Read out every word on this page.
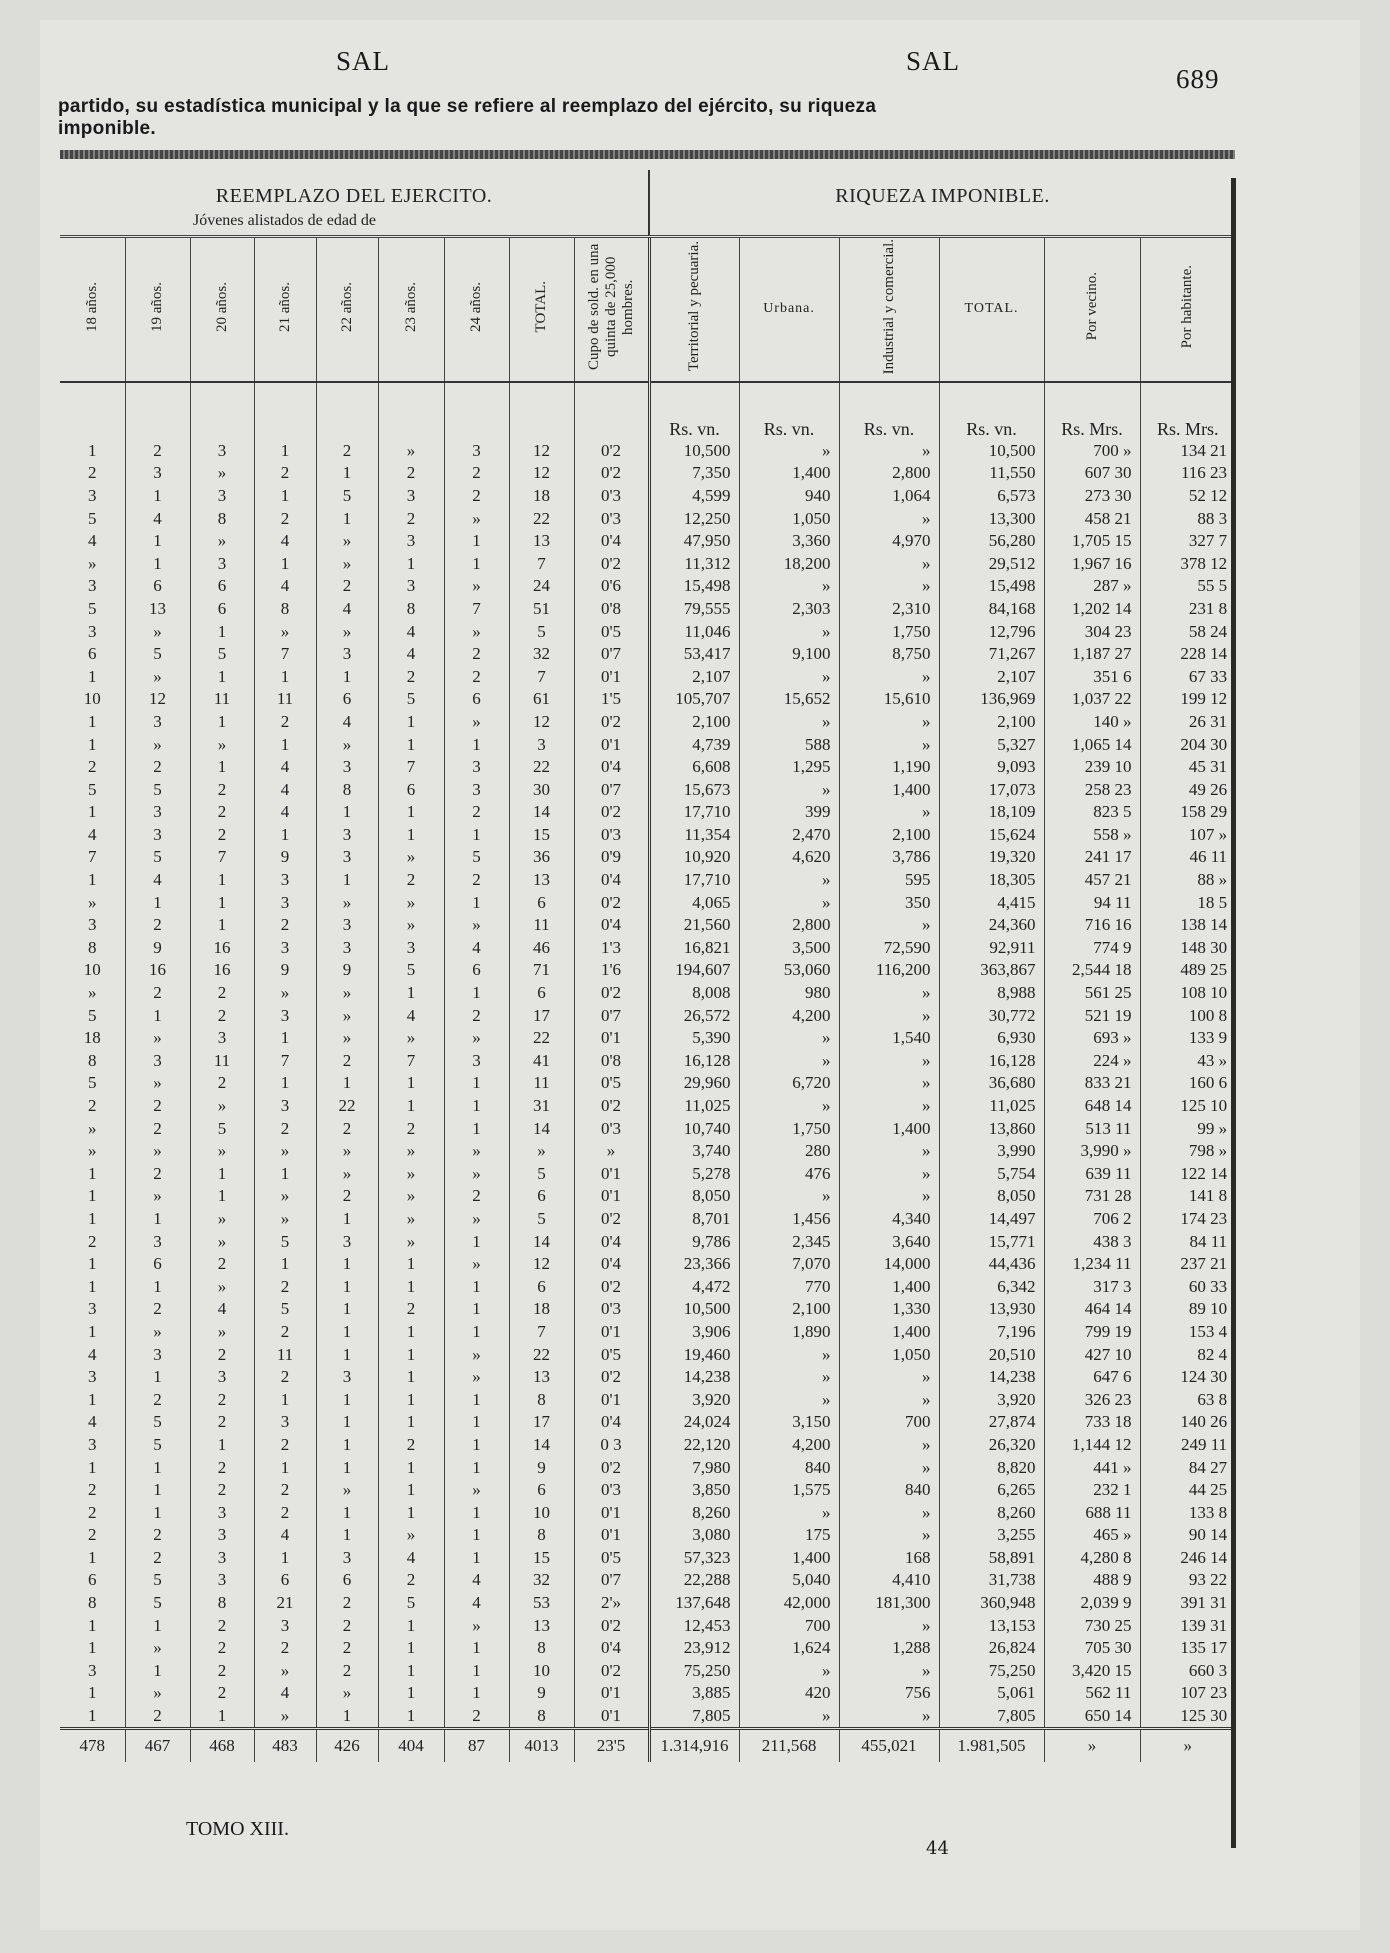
SAL	SAL
689
partido, su estadística municipal y la que se refiere al reemplazo del ejército, su riqueza imponible.
REEMPLAZO DEL EJERCITO.									RIQUEZA IMPONIBLE.					
Jóvenes alistados de edad de														
18 años.	19 años.	20 años.	21 años.	22 años.	23 años.	24 años.	TOTAL.	Cupo de sold. en una quinta de 25,000 hombres.	Territorial y pecuaria.	Urbana.	Industrial y comercial.	TOTAL.	Por vecino.	Por habitante.
									Rs. vn.	Rs. vn.	Rs. vn.	Rs. vn.	Rs. Mrs.	Rs. Mrs.
1	2	3	1	2	»	3	12	0'2	10,500	»	»	10,500	700 »	134 21
2	3	»	2	1	2	2	12	0'2	7,350	1,400	2,800	11,550	607 30	116 23
3	1	3	1	5	3	2	18	0'3	4,599	940	1,064	6,573	273 30	52 12
5	4	8	2	1	2	»	22	0'3	12,250	1,050	»	13,300	458 21	88 3
4	1	»	4	»	3	1	13	0'4	47,950	3,360	4,970	56,280	1,705 15	327 7
»	1	3	1	»	1	1	7	0'2	11,312	18,200	»	29,512	1,967 16	378 12
3	6	6	4	2	3	»	24	0'6	15,498	»	»	15,498	287 »	55 5
5	13	6	8	4	8	7	51	0'8	79,555	2,303	2,310	84,168	1,202 14	231 8
3	»	1	»	»	4	»	5	0'5	11,046	»	1,750	12,796	304 23	58 24
6	5	5	7	3	4	2	32	0'7	53,417	9,100	8,750	71,267	1,187 27	228 14
1	»	1	1	1	2	2	7	0'1	2,107	»	»	2,107	351 6	67 33
10	12	11	11	6	5	6	61	1'5	105,707	15,652	15,610	136,969	1,037 22	199 12
1	3	1	2	4	1	»	12	0'2	2,100	»	»	2,100	140 »	26 31
1	»	»	1	»	1	1	3	0'1	4,739	588	»	5,327	1,065 14	204 30
2	2	1	4	3	7	3	22	0'4	6,608	1,295	1,190	9,093	239 10	45 31
5	5	2	4	8	6	3	30	0'7	15,673	»	1,400	17,073	258 23	49 26
1	3	2	4	1	1	2	14	0'2	17,710	399	»	18,109	823 5	158 29
4	3	2	1	3	1	1	15	0'3	11,354	2,470	2,100	15,624	558 »	107 »
7	5	7	9	3	»	5	36	0'9	10,920	4,620	3,786	19,320	241 17	46 11
1	4	1	3	1	2	2	13	0'4	17,710	»	595	18,305	457 21	88 »
»	1	1	3	»	»	1	6	0'2	4,065	»	350	4,415	94 11	18 5
3	2	1	2	3	»	»	11	0'4	21,560	2,800	»	24,360	716 16	138 14
8	9	16	3	3	3	4	46	1'3	16,821	3,500	72,590	92,911	774 9	148 30
10	16	16	9	9	5	6	71	1'6	194,607	53,060	116,200	363,867	2,544 18	489 25
»	2	2	»	»	1	1	6	0'2	8,008	980	»	8,988	561 25	108 10
5	1	2	3	»	4	2	17	0'7	26,572	4,200	»	30,772	521 19	100 8
18	»	3	1	»	»	»	22	0'1	5,390	»	1,540	6,930	693 »	133 9
8	3	11	7	2	7	3	41	0'8	16,128	»	»	16,128	224 »	43 »
5	»	2	1	1	1	1	11	0'5	29,960	6,720	»	36,680	833 21	160 6
2	2	»	3	22	1	1	31	0'2	11,025	»	»	11,025	648 14	125 10
»	2	5	2	2	2	1	14	0'3	10,740	1,750	1,400	13,860	513 11	99 »
»	»	»	»	»	»	»	»	»	3,740	280	»	3,990	3,990 »	798 »
1	2	1	1	»	»	»	5	0'1	5,278	476	»	5,754	639 11	122 14
1	»	1	»	2	»	2	6	0'1	8,050	»	»	8,050	731 28	141 8
1	1	»	»	1	»	»	5	0'2	8,701	1,456	4,340	14,497	706 2	174 23
2	3	»	5	3	»	1	14	0'4	9,786	2,345	3,640	15,771	438 3	84 11
1	6	2	1	1	1	»	12	0'4	23,366	7,070	14,000	44,436	1,234 11	237 21
1	1	»	2	1	1	1	6	0'2	4,472	770	1,400	6,342	317 3	60 33
3	2	4	5	1	2	1	18	0'3	10,500	2,100	1,330	13,930	464 14	89 10
1	»	»	2	1	1	1	7	0'1	3,906	1,890	1,400	7,196	799 19	153 4
4	3	2	11	1	1	»	22	0'5	19,460	»	1,050	20,510	427 10	82 4
3	1	3	2	3	1	»	13	0'2	14,238	»	»	14,238	647 6	124 30
1	2	2	1	1	1	1	8	0'1	3,920	»	»	3,920	326 23	63 8
4	5	2	3	1	1	1	17	0'4	24,024	3,150	700	27,874	733 18	140 26
3	5	1	2	1	2	1	14	0 3	22,120	4,200	»	26,320	1,144 12	249 11
1	1	2	1	1	1	1	9	0'2	7,980	840	»	8,820	441 »	84 27
2	1	2	2	»	1	»	6	0'3	3,850	1,575	840	6,265	232 1	44 25
2	1	3	2	1	1	1	10	0'1	8,260	»	»	8,260	688 11	133 8
2	2	3	4	1	»	1	8	0'1	3,080	175	»	3,255	465 »	90 14
1	2	3	1	3	4	1	15	0'5	57,323	1,400	168	58,891	4,280 8	246 14
6	5	3	6	6	2	4	32	0'7	22,288	5,040	4,410	31,738	488 9	93 22
8	5	8	21	2	5	4	53	2'»	137,648	42,000	181,300	360,948	2,039 9	391 31
1	1	2	3	2	1	»	13	0'2	12,453	700	»	13,153	730 25	139 31
1	»	2	2	2	1	1	8	0'4	23,912	1,624	1,288	26,824	705 30	135 17
3	1	2	»	2	1	1	10	0'2	75,250	»	»	75,250	3,420 15	660 3
1	»	2	4	»	1	1	9	0'1	3,885	420	756	5,061	562 11	107 23
1	2	1	»	1	1	2	8	0'1	7,805	»	»	7,805	650 14	125 30
478	467	468	483	426	404	87	4013	23'5	1.314,916	211,568	455,021	1.981,505	»	»
TOMO XIII.
44
